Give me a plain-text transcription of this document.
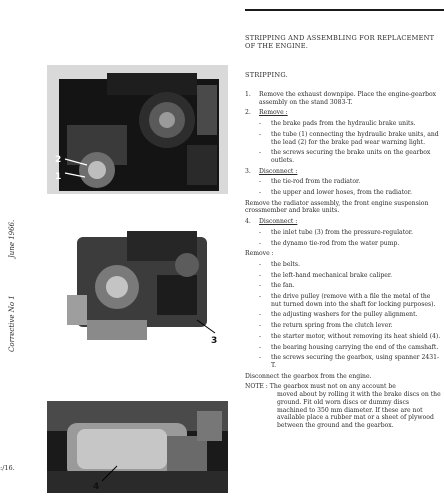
STRIPPING AND ASSEMBLING FOR REPLACEMENT OF THE ENGINE.
STRIPPING.
June 1966.
Corrective No 1
:/16.
2
1
3
4
1. Remove the exhaust downpipe. Place the engine-gearbox assembly on the stand 3083-T.
2. Remove :
- the brake pads from the hydraulic brake units.
- the tube (1) connecting the hydraulic brake units, and the lead (2) for the brake pad wear warning light.
- the screws securing the brake units on the gearbox outlets.
3. Disconnect :
- the tie-rod from the radiator.
- the upper and lower hoses, from the radiator.
Remove the radiator assembly, the front engine suspension crossmember and brake units.
4. Disconnect :
- the inlet tube (3) from the pressure-regulator.
- the dynamo tie-rod from the water pump.
Remove :
- the belts.
- the left-hand mechanical brake caliper.
- the fan.
- the drive pulley (remove with a file the metal of the nut turned down into the shaft for locking purposes).
- the adjusting washers for the pulley alignment.
- the return spring from the clutch lever.
- the starter motor, without removing its heat shield (4).
- the bearing housing carrying the end of the camshaft.
- the screws securing the gearbox, using spanner 2431-T.
Disconnect the gearbox from the engine.
NOTE : The gearbox must not on any account be
moved about by rolling it with the brake discs on the ground. Fit old worn discs or dummy discs machined to 350 mm diameter. If these are not available place a rubber mat or a sheet of plywood between the ground and the gearbox.
